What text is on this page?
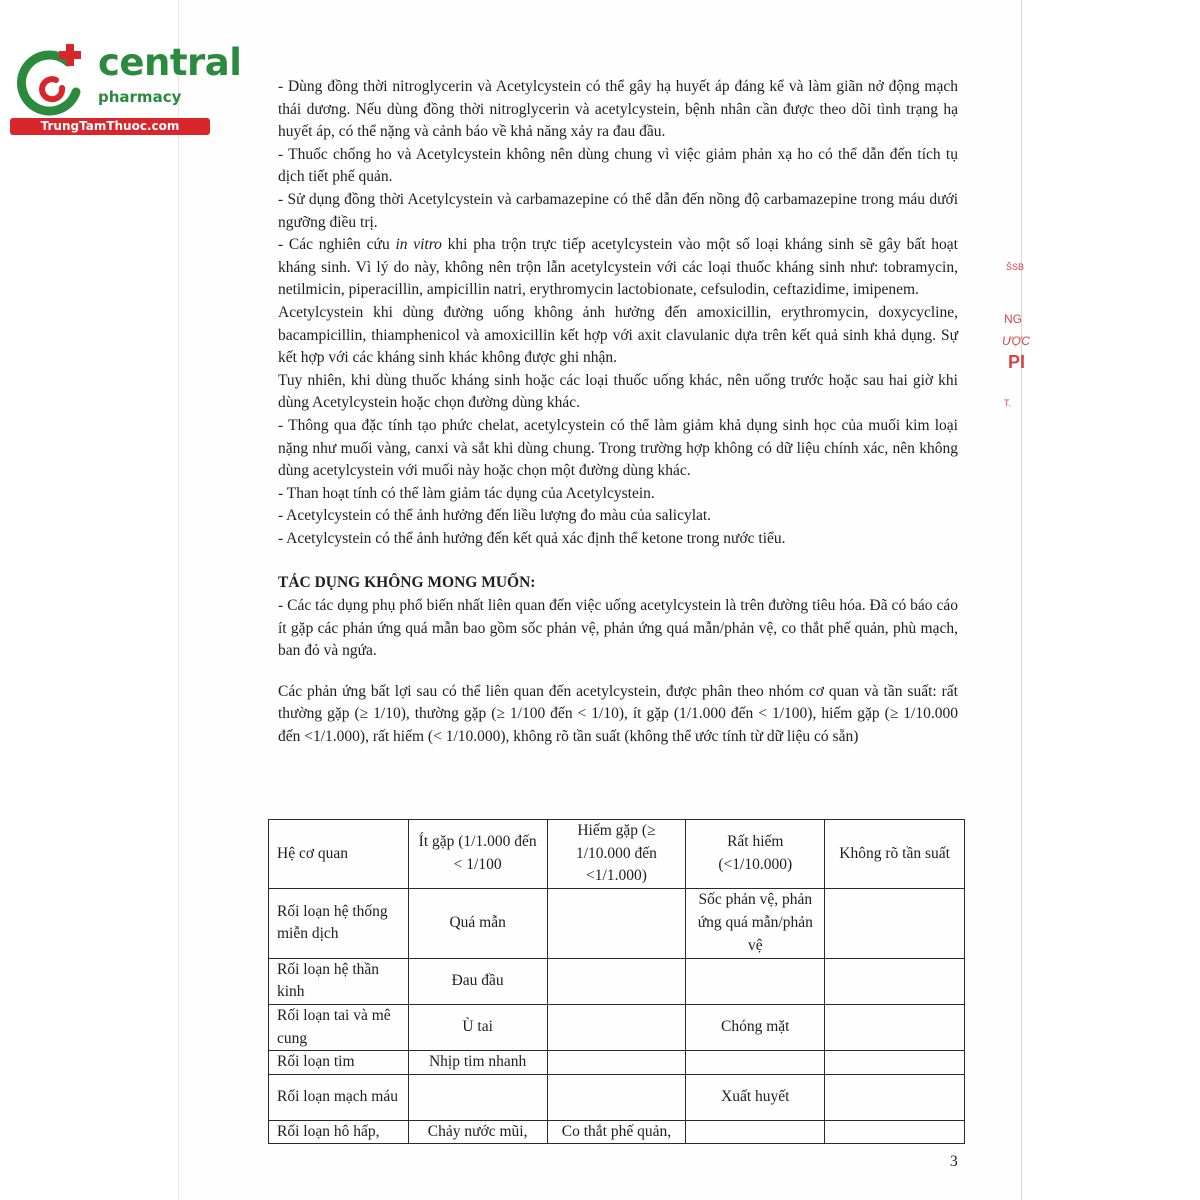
central
pharmacy
TrungTamThuoc.com
ŠSB
NG
ƯỢC
PI
T.

- Dùng đồng thời nitroglycerin và Acetylcystein có thể gây hạ huyết áp đáng kể và làm giãn nở động mạch thái dương. Nếu dùng đồng thời nitroglycerin và acetylcystein, bệnh nhân cần được theo dõi tình trạng hạ huyết áp, có thể nặng và cảnh báo về khả năng xảy ra đau đầu.

- Thuốc chống ho và Acetylcystein không nên dùng chung vì việc giảm phản xạ ho có thể dẫn đến tích tụ dịch tiết phế quản.

- Sử dụng đồng thời Acetylcystein và carbamazepine có thể dẫn đến nồng độ carbamazepine trong máu dưới ngưỡng điều trị.

- Các nghiên cứu in vitro khi pha trộn trực tiếp acetylcystein vào một số loại kháng sinh sẽ gây bất hoạt kháng sinh. Vì lý do này, không nên trộn lẫn acetylcystein với các loại thuốc kháng sinh như: tobramycin, netilmicin, piperacillin, ampicillin natri, erythromycin lactobionate, cefsulodin, ceftazidime, imipenem.

Acetylcystein khi dùng đường uống không ảnh hưởng đến amoxicillin, erythromycin, doxycycline, bacampicillin, thiamphenicol và amoxicillin kết hợp với axit clavulanic dựa trên kết quả sinh khả dụng. Sự kết hợp với các kháng sinh khác không được ghi nhận.

Tuy nhiên, khi dùng thuốc kháng sinh hoặc các loại thuốc uống khác, nên uống trước hoặc sau hai giờ khi dùng Acetylcystein hoặc chọn đường dùng khác.

- Thông qua đặc tính tạo phức chelat, acetylcystein có thể làm giảm khả dụng sinh học của muối kim loại nặng như muối vàng, canxi và sắt khi dùng chung. Trong trường hợp không có dữ liệu chính xác, nên không dùng acetylcystein với muối này hoặc chọn một đường dùng khác.

- Than hoạt tính có thể làm giảm tác dụng của Acetylcystein.

- Acetylcystein có thể ảnh hưởng đến liều lượng đo màu của salicylat.

- Acetylcystein có thể ảnh hưởng đến kết quả xác định thể ketone trong nước tiểu.

TÁC DỤNG KHÔNG MONG MUỐN:

- Các tác dụng phụ phổ biến nhất liên quan đến việc uống acetylcystein là trên đường tiêu hóa. Đã có báo cáo ít gặp các phản ứng quá mẫn bao gồm sốc phản vệ, phản ứng quá mẫn/phản vệ, co thắt phế quản, phù mạch, ban đỏ và ngứa.

Các phản ứng bất lợi sau có thể liên quan đến acetylcystein, được phân theo nhóm cơ quan và tần suất: rất thường gặp (≥ 1/10), thường gặp (≥ 1/100 đến < 1/10), ít gặp (1/1.000 đến < 1/100), hiếm gặp (≥ 1/10.000 đến <1/1.000), rất hiếm (< 1/10.000), không rõ tần suất (không thể ước tính từ dữ liệu có sẵn)

Hệ cơ quan	Ít gặp (1/1.000 đến < 1/100	Hiếm gặp (≥ 1/10.000 đến <1/1.000)	Rất hiếm (<1/10.000)	Không rõ tần suất
Rối loạn hệ thống miễn dịch	Quá mẫn		Sốc phản vệ, phản ứng quá mẫn/phản vệ	
Rối loạn hệ thần kinh	Đau đầu			
Rối loạn tai và mê cung	Ù tai		Chóng mặt	
Rối loạn tim	Nhịp tim nhanh			
Rối loạn mạch máu			Xuất huyết	
Rối loạn hô hấp,	Chảy nước mũi,	Co thắt phế quản,		
3
